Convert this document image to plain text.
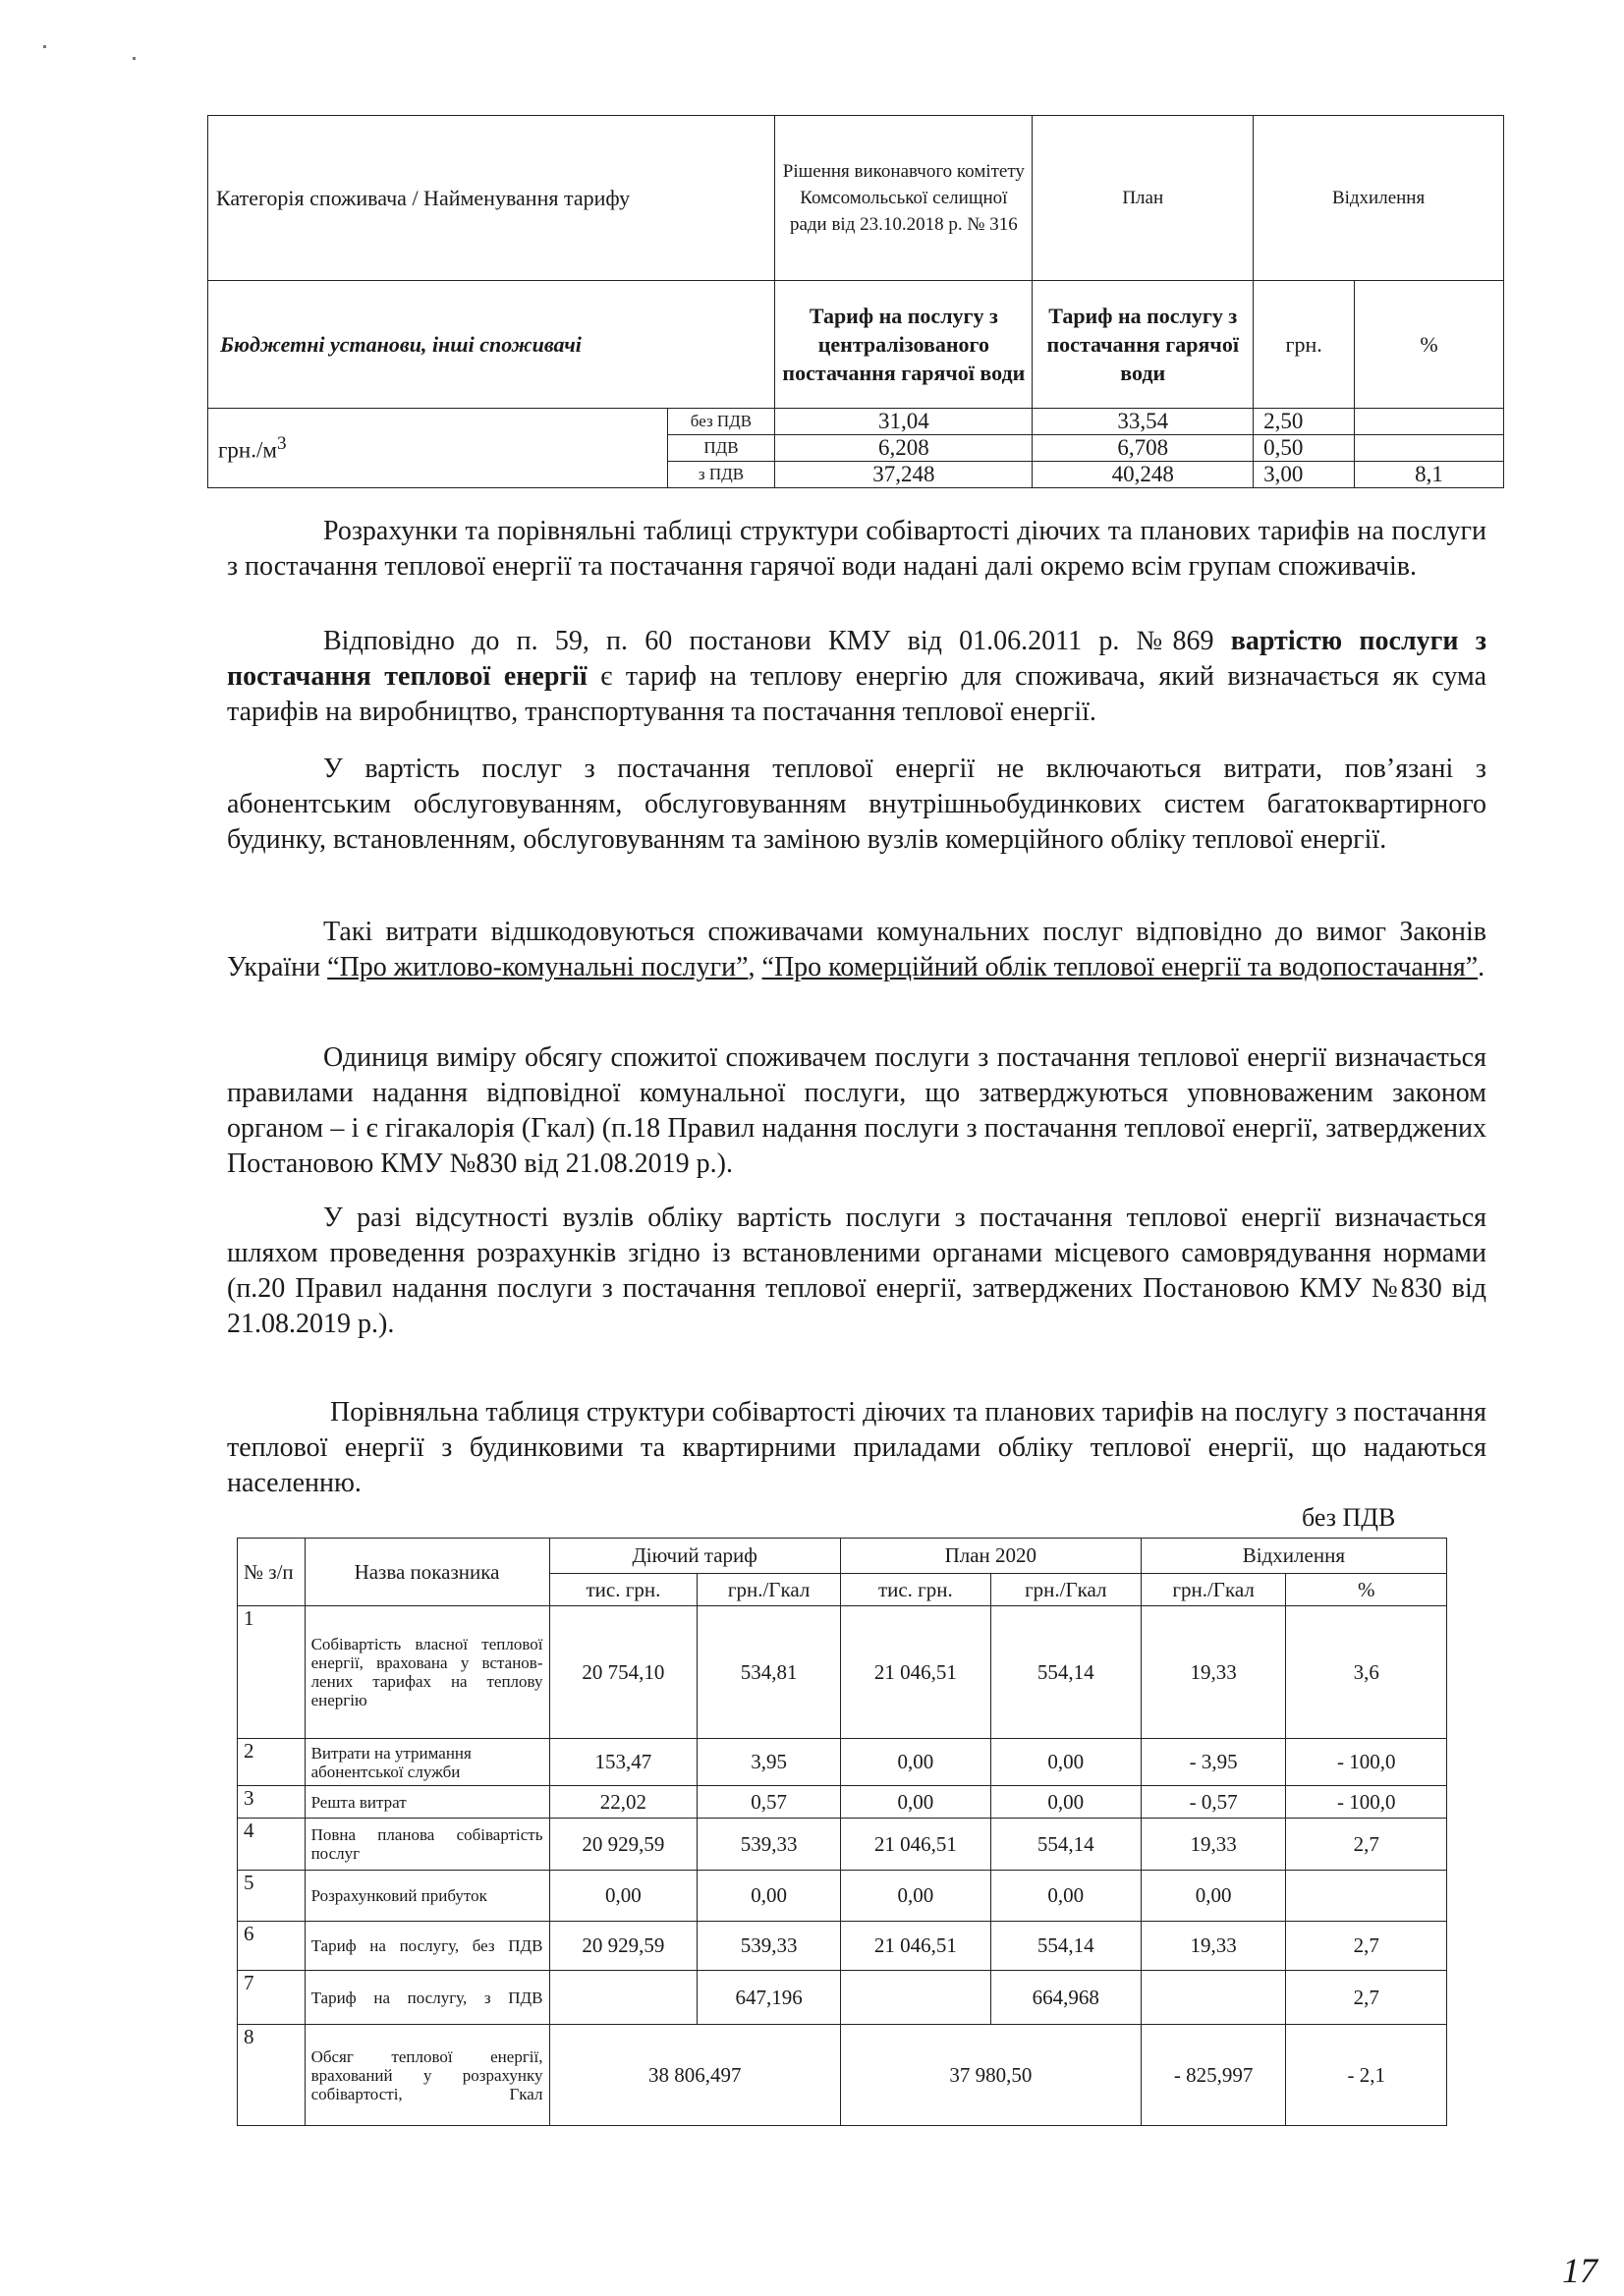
Категорія споживача / Найменування тарифу		Рішення виконавчого комітету Комсомольської селищної ради від 23.10.2018 р. № 316	План	Відхилення	
Бюджетні установи, інші споживачі		Тариф на послугу з централізованого постачання гарячої води	Тариф на послугу з постачання гарячої води	грн.	%
$грн./м^3$	без ПДВ	31,04	33,54	2,50	
	ПДВ	6,208	6,708	0,50	
	з ПДВ	37,248	40,248	3,00	8,1

Розрахунки та порівняльні таблиці структури собівартості діючих та планових тарифів на послуги з постачання теплової енергії та постачання гарячої води надані далі окремо всім групам споживачів.

Відповідно до п. 59, п. 60 постанови КМУ від 01.06.2011 р. №869 вартістю послуги з постачання теплової енергії є тариф на теплову енергію для споживача, який визначається як сума тарифів на виробництво, транспортування та постачання теплової енергії.

У вартість послуг з постачання теплової енергії не включаються витрати, пов’язані з абонентським обслуговуванням, обслуговуванням внутрішньобудинкових систем багатоквартирного будинку, встановленням, обслуговуванням та заміною вузлів комерційного обліку теплової енергії.

Такі витрати відшкодовуються споживачами комунальних послуг відповідно до вимог Законів України “Про житлово-комунальні послуги”, “Про комерційний облік теплової енергії та водопостачання”.

Одиниця виміру обсягу спожитої споживачем послуги з постачання теплової енергії визначається правилами надання відповідної комунальної послуги, що затверджуються уповноваженим законом органом – і є гігакалорія (Гкал) (п.18 Правил надання послуги з постачання теплової енергії, затверджених Постановою КМУ №830 від 21.08.2019 р.).

У разі відсутності вузлів обліку вартість послуги з постачання теплової енергії визначається шляхом проведення розрахунків згідно із встановленими органами місцевого самоврядування нормами (п.20 Правил надання послуги з постачання теплової енергії, затверджених Постановою КМУ №830 від 21.08.2019 р.).

Порівняльна таблиця структури собівартості діючих та планових тарифів на послугу з постачання теплової енергії з будинковими та квартирними приладами обліку теплової енергії, що надаються населенню.

без ПДВ
№ з/п	Назва показника	Діючий тариф		План 2020		Відхилення	
		тис. грн.	грн./Гкал	тис. грн.	грн./Гкал	грн./Гкал	%
1	Собівартість власної теплової енергії, врахована у встанов-лених тарифах на теплову енергію	20 754,10	534,81	21 046,51	554,14	19,33	3,6
2	Витрати на утримання абонентської служби	153,47	3,95	0,00	0,00	- 3,95	- 100,0
3	Решта витрат	22,02	0,57	0,00	0,00	- 0,57	- 100,0
4	Повна планова собівартість послуг	20 929,59	539,33	21 046,51	554,14	19,33	2,7
5	Розрахунковий прибуток	0,00	0,00	0,00	0,00	0,00	
6	Тариф на послугу, без ПДВ	20 929,59	539,33	21 046,51	554,14	19,33	2,7
7	Тариф на послугу, з ПДВ		647,196		664,968		2,7
8	Обсяг теплової енергії, врахований у розрахунку собівартості, Гкал	38 806,497		37 980,50		- 825,997	- 2,1
17
